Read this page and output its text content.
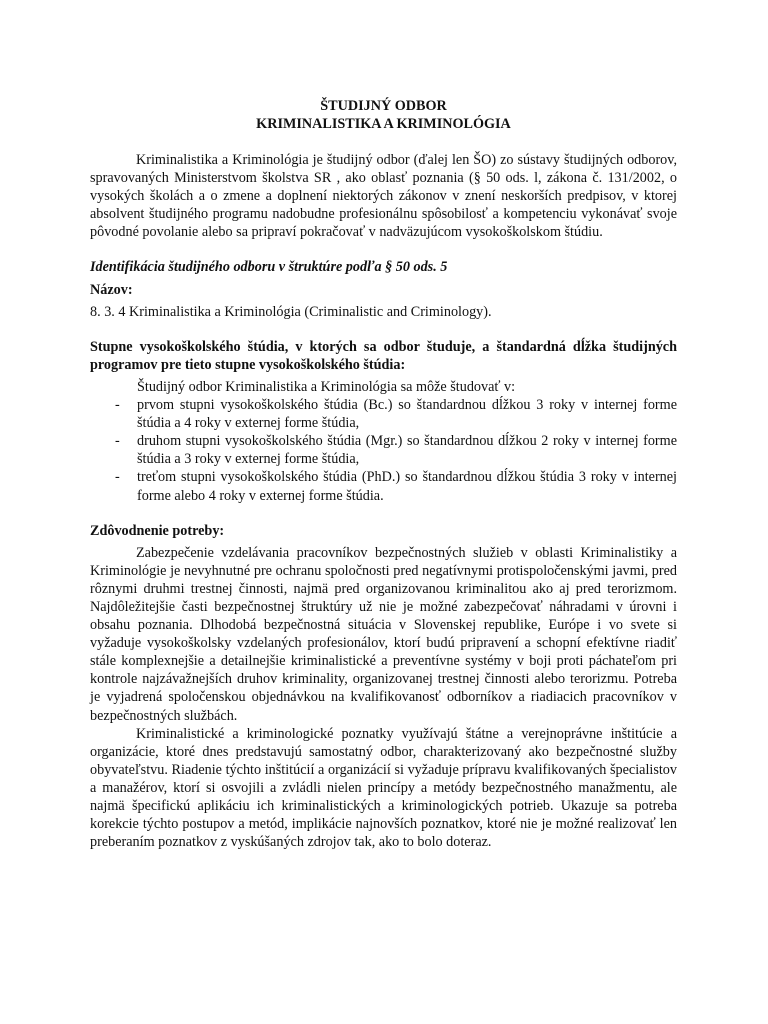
ŠTUDIJNÝ ODBOR

KRIMINALISTIKA A KRIMINOLÓGIA

Kriminalistika a Kriminológia je študijný odbor (ďalej len ŠO) zo sústavy študijných odborov, spravovaných Ministerstvom školstva SR , ako oblasť poznania (§ 50 ods. l, zákona č. 131/2002, o vysokých školách a o zmene a doplnení niektorých zákonov v znení neskorších predpisov, v ktorej absolvent študijného programu nadobudne profesionálnu spôsobilosť a kompetenciu vykonávať svoje pôvodné povolanie alebo sa pripraví pokračovať v nadväzujúcom vysokoškolskom štúdiu.

Identifikácia študijného odboru v štruktúre podľa § 50 ods. 5

Názov:

8. 3. 4 Kriminalistika a Kriminológia (Criminalistic and Criminology).

Stupne vysokoškolského štúdia, v ktorých sa odbor študuje, a štandardná dĺžka študijných programov pre tieto stupne vysokoškolského štúdia:

Študijný odbor Kriminalistika a Kriminológia sa môže študovať v:

- prvom stupni vysokoškolského štúdia (Bc.) so štandardnou dĺžkou 3 roky v internej forme štúdia a 4 roky v externej forme štúdia,
- druhom stupni vysokoškolského štúdia (Mgr.) so štandardnou dĺžkou 2 roky v internej forme štúdia a 3 roky v externej forme štúdia,
- treťom stupni vysokoškolského štúdia (PhD.) so štandardnou dĺžkou štúdia 3 roky v internej forme alebo 4 roky v externej forme štúdia.

Zdôvodnenie potreby:

Zabezpečenie vzdelávania pracovníkov bezpečnostných služieb v oblasti Kriminalistiky a Kriminológie je nevyhnutné pre ochranu spoločnosti pred negatívnymi protispoločenskými javmi, pred rôznymi druhmi trestnej činnosti, najmä pred organizovanou kriminalitou ako aj pred terorizmom. Najdôležitejšie časti bezpečnostnej štruktúry už nie je možné zabezpečovať náhradami v úrovni i obsahu poznania. Dlhodobá bezpečnostná situácia v Slovenskej republike, Európe i vo svete si vyžaduje vysokoškolsky vzdelaných profesionálov, ktorí budú pripravení a schopní efektívne riadiť stále komplexnejšie a detailnejšie kriminalistické a preventívne systémy v boji proti páchateľom pri kontrole najzávažnejších druhov kriminality, organizovanej trestnej činnosti alebo terorizmu. Potreba je vyjadrená spoločenskou objednávkou na kvalifikovanosť odborníkov a riadiacich pracovníkov v bezpečnostných službách.

Kriminalistické a kriminologické poznatky využívajú štátne a verejnoprávne inštitúcie a organizácie, ktoré dnes predstavujú samostatný odbor, charakterizovaný ako bezpečnostné služby obyvateľstvu. Riadenie týchto inštitúcií a organizácií si vyžaduje prípravu kvalifikovaných špecialistov a manažérov, ktorí si osvojili a zvládli nielen princípy a metódy bezpečnostného manažmentu, ale najmä špecifickú aplikáciu ich kriminalistických a kriminologických potrieb. Ukazuje sa potreba korekcie týchto postupov a metód, implikácie najnovších poznatkov, ktoré nie je možné realizovať len preberaním poznatkov z vyskúšaných zdrojov tak, ako to bolo doteraz.
